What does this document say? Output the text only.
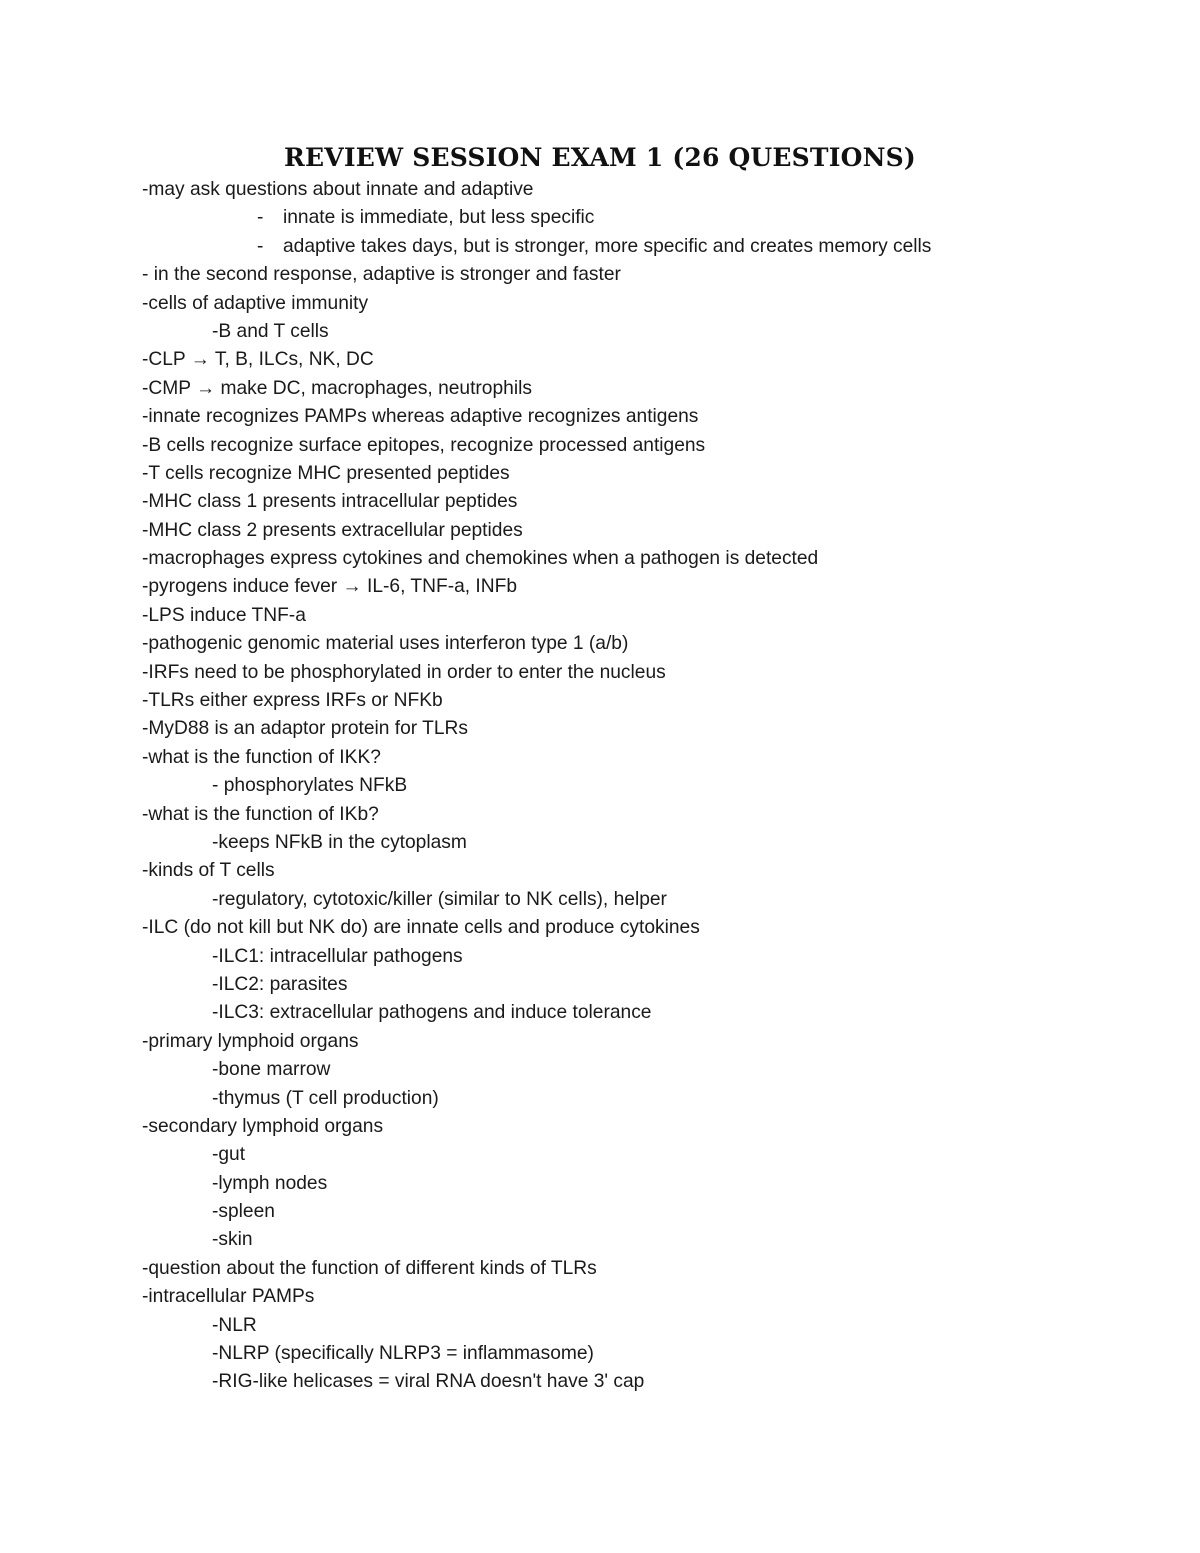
REVIEW SESSION EXAM 1 (26 QUESTIONS)
-may ask questions about innate and adaptive
- innate is immediate, but less specific
- adaptive takes days, but is stronger, more specific and creates memory cells
- in the second response, adaptive is stronger and faster
-cells of adaptive immunity
-B and T cells
-CLP → T, B, ILCs, NK, DC
-CMP → make DC, macrophages, neutrophils
-innate recognizes PAMPs whereas adaptive recognizes antigens
-B cells recognize surface epitopes, recognize processed antigens
-T cells recognize MHC presented peptides
-MHC class 1 presents intracellular peptides
-MHC class 2 presents extracellular peptides
-macrophages express cytokines and chemokines when a pathogen is detected
-pyrogens induce fever → IL-6, TNF-a, INFb
-LPS induce TNF-a
-pathogenic genomic material uses interferon type 1 (a/b)
-IRFs need to be phosphorylated in order to enter the nucleus
-TLRs either express IRFs or NFKb
-MyD88 is an adaptor protein for TLRs
-what is the function of IKK?
- phosphorylates NFkB
-what is the function of IKb?
-keeps NFkB in the cytoplasm
-kinds of T cells
-regulatory, cytotoxic/killer (similar to NK cells), helper
-ILC (do not kill but NK do) are innate cells and produce cytokines
-ILC1: intracellular pathogens
-ILC2: parasites
-ILC3: extracellular pathogens and induce tolerance
-primary lymphoid organs
-bone marrow
-thymus (T cell production)
-secondary lymphoid organs
-gut
-lymph nodes
-spleen
-skin
-question about the function of different kinds of TLRs
-intracellular PAMPs
-NLR
-NLRP (specifically NLRP3 = inflammasome)
-RIG-like helicases = viral RNA doesn't have 3' cap
